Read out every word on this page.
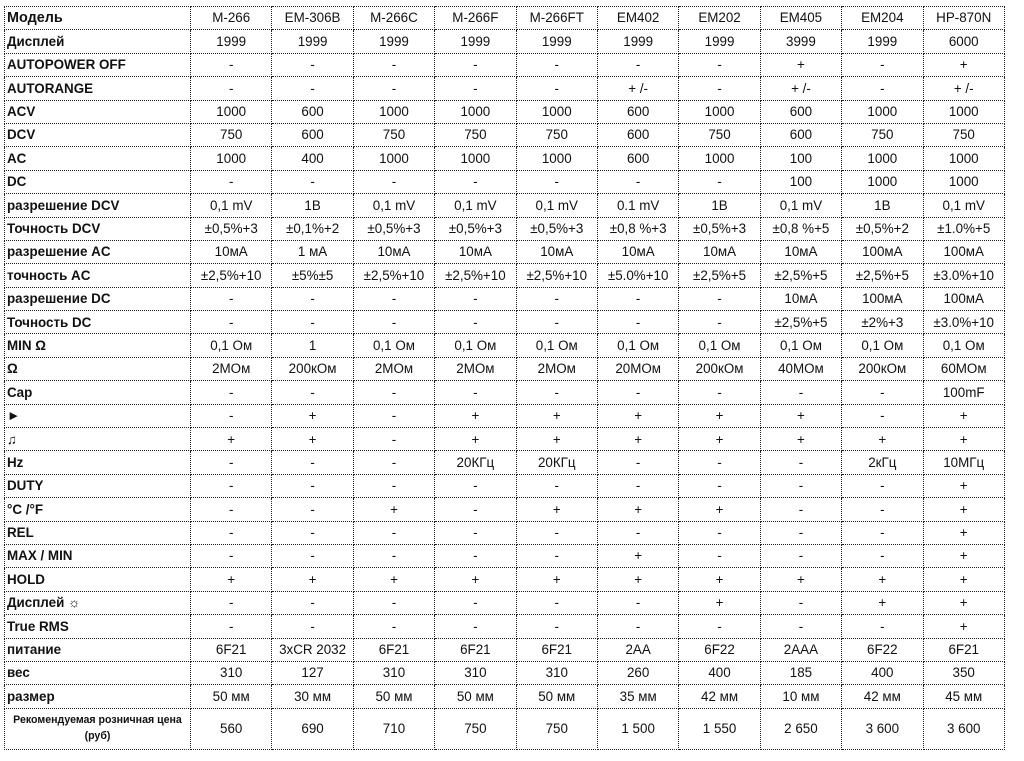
Модель	M-266	EM-306B	M-266C	M-266F	M-266FT	EM402	EM202	EM405	EM204	HP-870N
Дисплей	1999	1999	1999	1999	1999	1999	1999	3999	1999	6000
AUTOPOWER OFF	-	-	-	-	-	-	-	+	-	+
AUTORANGE	-	-	-	-	-	+ /-	-	+ /-	-	+ /-
ACV	1000	600	1000	1000	1000	600	1000	600	1000	1000
DCV	750	600	750	750	750	600	750	600	750	750
AC	1000	400	1000	1000	1000	600	1000	100	1000	1000
DC	-	-	-	-	-	-	-	100	1000	1000
разрешение DCV	0,1 mV	1В	0,1 mV	0,1 mV	0,1 mV	0.1 mV	1В	0,1 mV	1В	0,1 mV
Точность DCV	±0,5%+3	±0,1%+2	±0,5%+3	±0,5%+3	±0,5%+3	±0,8 %+3	±0,5%+3	±0,8 %+5	±0,5%+2	±1.0%+5
разрешение AC	10мА	1 мА	10мА	10мА	10мА	10мА	10мА	10мА	100мА	100мА
точность AC	±2,5%+10	±5%±5	±2,5%+10	±2,5%+10	±2,5%+10	±5.0%+10	±2,5%+5	±2,5%+5	±2,5%+5	±3.0%+10
разрешение DC	-	-	-	-	-	-	-	10мА	100мА	100мА
Точность DC	-	-	-	-	-	-	-	±2,5%+5	±2%+3	±3.0%+10
MIN Ω	0,1 Ом	1	0,1 Ом	0,1 Ом	0,1 Ом	0,1 Ом	0,1 Ом	0,1 Ом	0,1 Ом	0,1 Ом
Ω	2МОм	200кОм	2МОм	2МОм	2МОм	20МОм	200кОм	40МОм	200кОм	60МОм
Cap	-	-	-	-	-	-	-	-	-	100mF
►	-	+	-	+	+	+	+	+	-	+
♫	+	+	-	+	+	+	+	+	+	+
Hz	-	-	-	20КГц	20КГц	-	-	-	2кГц	10МГц
DUTY	-	-	-	-	-	-	-	-	-	+
°C /°F	-	-	+	-	+	+	+	-	-	+
REL	-	-	-	-	-	-	-	-	-	+
MAX / MIN	-	-	-	-	-	+	-	-	-	+
HOLD	+	+	+	+	+	+	+	+	+	+
Дисплей ☼	-	-	-	-	-	-	+	-	+	+
True RMS	-	-	-	-	-	-	-	-	-	+
питание	6F21	3xCR 2032	6F21	6F21	6F21	2AA	6F22	2AAA	6F22	6F21
вес	310	127	310	310	310	260	400	185	400	350
размер	50 мм	30 мм	50 мм	50 мм	50 мм	35 мм	42 мм	10 мм	42 мм	45 мм
Рекомендуемая розничная цена (руб)	560	690	710	750	750	1 500	1 550	2 650	3 600	3 600
